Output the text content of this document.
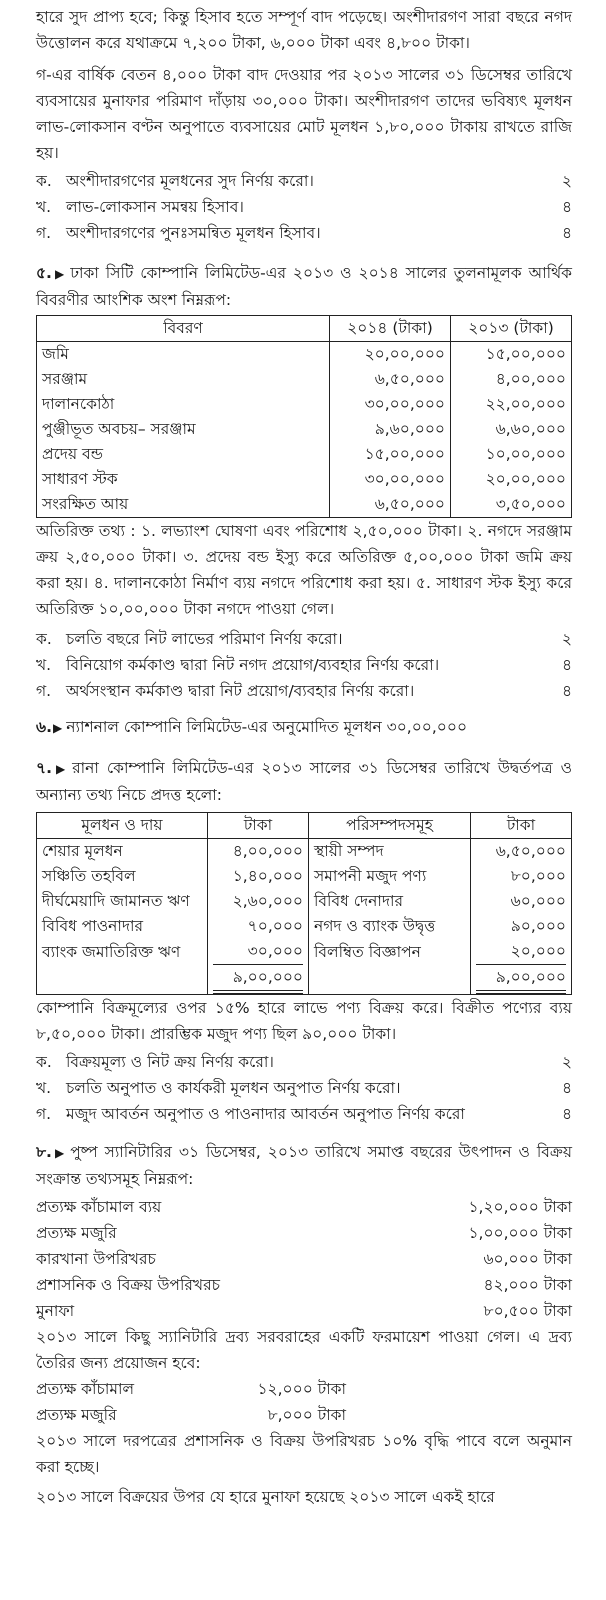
হারে সুদ প্রাপ্য হবে; কিন্তু হিসাব হতে সম্পূর্ণ বাদ পড়েছে। অংশীদারগণ সারা বছরে নগদ উত্তোলন করে যথাক্রমে ৭,২০০ টাকা, ৬,০০০ টাকা এবং ৪,৮০০ টাকা।

গ-এর বার্ষিক বেতন ৪,০০০ টাকা বাদ দেওয়ার পর ২০১৩ সালের ৩১ ডিসেম্বর তারিখে ব্যবসায়ের মুনাফার পরিমাণ দাঁড়ায় ৩০,০০০ টাকা। অংশীদারগণ তাদের ভবিষ্যৎ মূলধন লাভ-লোকসান বণ্টন অনুপাতে ব্যবসায়ের মোট মূলধন ১,৮০,০০০ টাকায় রাখতে রাজি হয়।

ক. অংশীদারগণের মূলধনের সুদ নির্ণয় করো।	২
খ. লাভ-লোকসান সমন্বয় হিসাব।	৪
গ. অংশীদারগণের পুনঃসমন্বিত মূলধন হিসাব।	৪

৫.▶ ঢাকা সিটি কোম্পানি লিমিটেড-এর ২০১৩ ও ২০১৪ সালের তুলনামূলক আর্থিক বিবরণীর আংশিক অংশ নিম্নরূপ:

বিবরণ	২০১৪ (টাকা)	২০১৩ (টাকা)
জমি	২০,০০,০০০	১৫,০০,০০০
সরঞ্জাম	৬,৫০,০০০	৪,০০,০০০
দালানকোঠা	৩০,০০,০০০	২২,০০,০০০
পুঞ্জীভূত অবচয়– সরঞ্জাম	৯,৬০,০০০	৬,৬০,০০০
প্রদেয় বন্ড	১৫,০০,০০০	১০,০০,০০০
সাধারণ স্টক	৩০,০০,০০০	২০,০০,০০০
সংরক্ষিত আয়	৬,৫০,০০০	৩,৫০,০০০

অতিরিক্ত তথ্য : ১. লভ্যাংশ ঘোষণা এবং পরিশোধ ২,৫০,০০০ টাকা। ২. নগদে সরঞ্জাম ক্রয় ২,৫০,০০০ টাকা। ৩. প্রদেয় বন্ড ইস্যু করে অতিরিক্ত ৫,০০,০০০ টাকা জমি ক্রয় করা হয়। ৪. দালানকোঠা নির্মাণ ব্যয় নগদে পরিশোধ করা হয়। ৫. সাধারণ স্টক ইস্যু করে অতিরিক্ত ১০,০০,০০০ টাকা নগদে পাওয়া গেল।

ক. চলতি বছরে নিট লাভের পরিমাণ নির্ণয় করো।	২
খ. বিনিয়োগ কর্মকাণ্ড দ্বারা নিট নগদ প্রয়োগ/ব্যবহার নির্ণয় করো।	৪
গ. অর্থসংস্থান কর্মকাণ্ড দ্বারা নিট প্রয়োগ/ব্যবহার নির্ণয় করো।	৪

৬.▶ ন্যাশনাল কোম্পানি লিমিটেড-এর অনুমোদিত মূলধন ৩০,০০,০০০

৭.▶ রানা কোম্পানি লিমিটেড-এর ২০১৩ সালের ৩১ ডিসেম্বর তারিখে উদ্বর্তপত্র ও অন্যান্য তথ্য নিচে প্রদত্ত হলো:

মূলধন ও দায়	টাকা	পরিসম্পদসমূহ	টাকা
শেয়ার মূলধন	৪,০০,০০০	স্থায়ী সম্পদ	৬,৫০,০০০
সঞ্চিতি তহবিল	১,৪০,০০০	সমাপনী মজুদ পণ্য	৮০,০০০
দীর্ঘমেয়াদি জামানত ঋণ	২,৬০,০০০	বিবিধ দেনাদার	৬০,০০০
বিবিধ পাওনাদার	৭০,০০০	নগদ ও ব্যাংক উদ্বৃত্ত	৯০,০০০
ব্যাংক জমাতিরিক্ত ঋণ	৩০,০০০	বিলম্বিত বিজ্ঞাপন	২০,০০০

	৯,০০,০০০		৯,০০,০০০

কোম্পানি বিক্রমূল্যের ওপর ১৫% হারে লাভে পণ্য বিক্রয় করে। বিক্রীত পণ্যের ব্যয় ৮,৫০,০০০ টাকা। প্রারম্ভিক মজুদ পণ্য ছিল ৯০,০০০ টাকা।

ক. বিক্রয়মূল্য ও নিট ক্রয় নির্ণয় করো।	২
খ. চলতি অনুপাত ও কার্যকরী মূলধন অনুপাত নির্ণয় করো।	৪
গ. মজুদ আবর্তন অনুপাত ও পাওনাদার আবর্তন অনুপাত নির্ণয় করো	৪

৮.▶ পুষ্প স্যানিটারির ৩১ ডিসেম্বর, ২০১৩ তারিখে সমাপ্ত বছরের উৎপাদন ও বিক্রয় সংক্রান্ত তথ্যসমূহ নিম্নরূপ:

প্রত্যক্ষ কাঁচামাল ব্যয়	১,২০,০০০ টাকা
প্রত্যক্ষ মজুরি	১,০০,০০০ টাকা
কারখানা উপরিখরচ	৬০,০০০ টাকা
প্রশাসনিক ও বিক্রয় উপরিখরচ	৪২,০০০ টাকা
মুনাফা	৮০,৫০০ টাকা

২০১৩ সালে কিছু স্যানিটারি দ্রব্য সরবরাহের একটি ফরমায়েশ পাওয়া গেল। এ দ্রব্য তৈরির জন্য প্রয়োজন হবে:

প্রত্যক্ষ কাঁচামাল	১২,০০০ টাকা
প্রত্যক্ষ মজুরি	৮,০০০ টাকা

২০১৩ সালে দরপত্রের প্রশাসনিক ও বিক্রয় উপরিখরচ ১০% বৃদ্ধি পাবে বলে অনুমান করা হচ্ছে।

২০১৩ সালে বিক্রয়ের উপর যে হারে মুনাফা হয়েছে ২০১৩ সালে একই হারে
